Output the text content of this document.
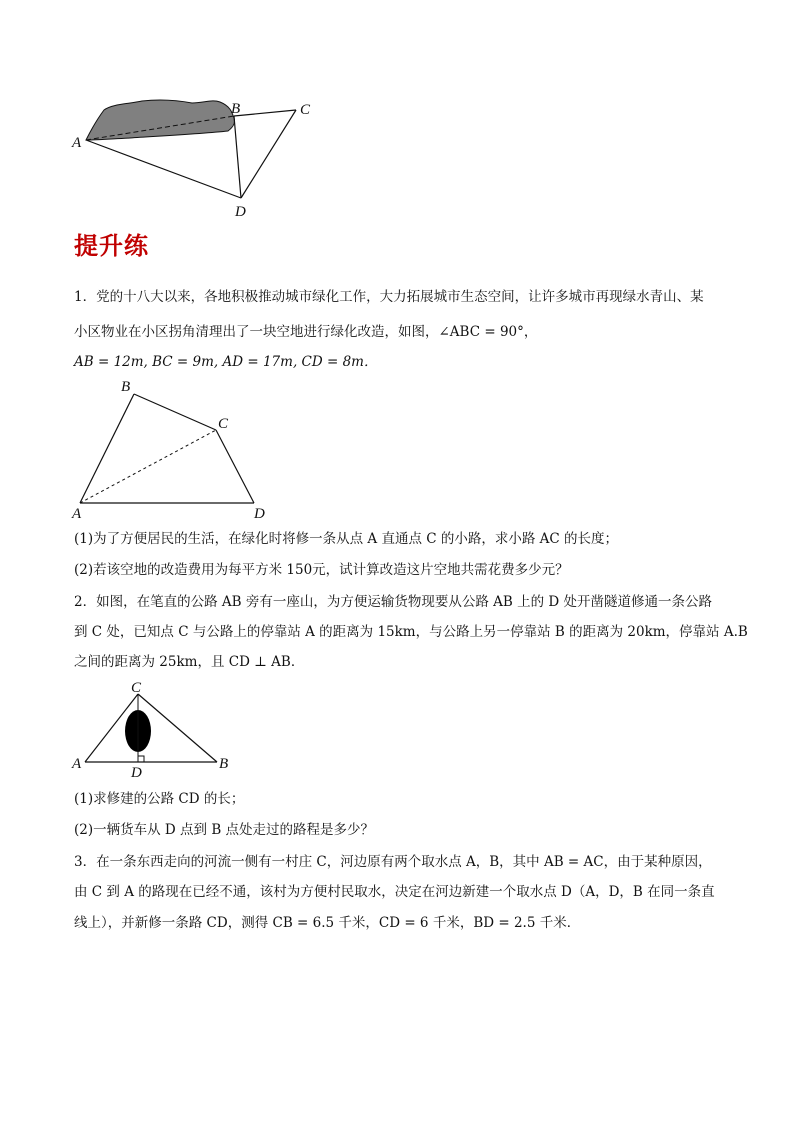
A
B	C
D
提升练
1．党的十八大以来，各地积极推动城市绿化工作，大力拓展城市生态空间，让许多城市再现绿水青山、某
小区物业在小区拐角清理出了一块空地进行绿化改造，如图，∠ABC = 90°，
AB = 12m, BC = 9m, AD = 17m, CD = 8m．
B
C
A	D
(1)为了方便居民的生活，在绿化时将修一条从点 A 直通点 C 的小路，求小路 AC 的长度；
(2)若该空地的改造费用为每平方米 150元，试计算改造这片空地共需花费多少元？
2．如图，在笔直的公路 AB 旁有一座山，为方便运输货物现要从公路 AB 上的 D 处开凿隧道修通一条公路
到 C 处，已知点 C 与公路上的停靠站 A 的距离为 15km，与公路上另一停靠站 B 的距离为 20km，停靠站 A.B
之间的距离为 25km，且 CD ⊥ AB．
C
A
D
B
(1)求修建的公路 CD 的长；
(2)一辆货车从 D 点到 B 点处走过的路程是多少？
3．在一条东西走向的河流一侧有一村庄 C，河边原有两个取水点 A，B，其中 AB = AC，由于某种原因，
由 C 到 A 的路现在已经不通，该村为方便村民取水，决定在河边新建一个取水点 D（A，D，B 在同一条直
线上），并新修一条路 CD，测得 CB = 6.5 千米，CD = 6 千米，BD = 2.5 千米．
